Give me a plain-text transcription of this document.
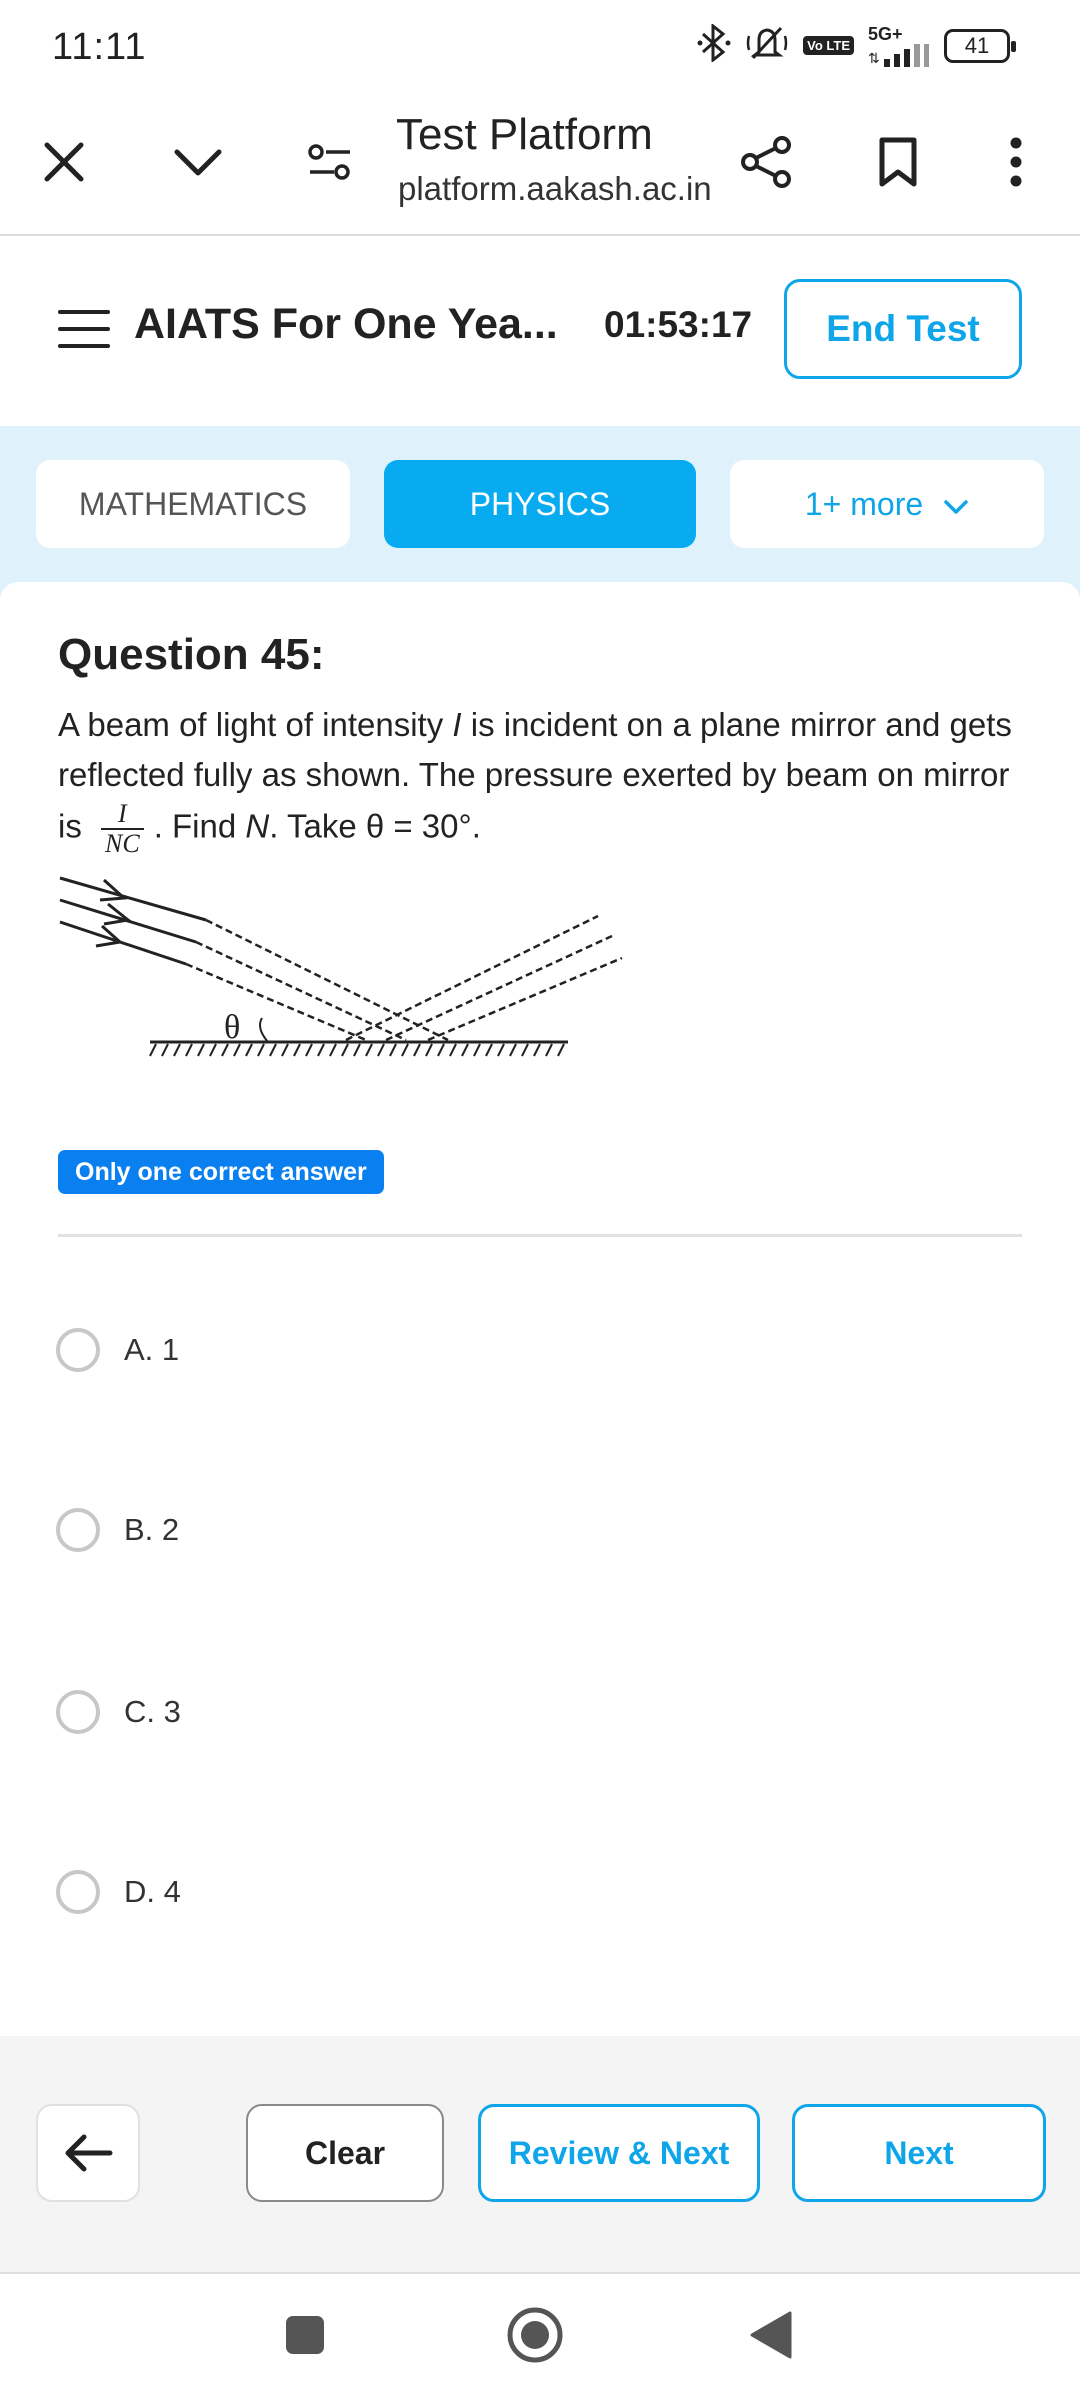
11:11	Vo LTE
5G+
⇅
41
Test Platform
platform.aakash.ac.in
AIATS For One Yea... 01:53:17	End Test
MATHEMATICS	PHYSICS	1+ more
Question 45:
A beam of light of intensity I is incident on a plane mirror and gets reflected fully as shown. The pressure exerted by beam on mirror is $\frac{I}{NC}$ . Find N. Take θ = 30°.
θ
Only one correct answer
A. 1
B. 2
C. 3
D. 4
Clear	Review & Next	Next
